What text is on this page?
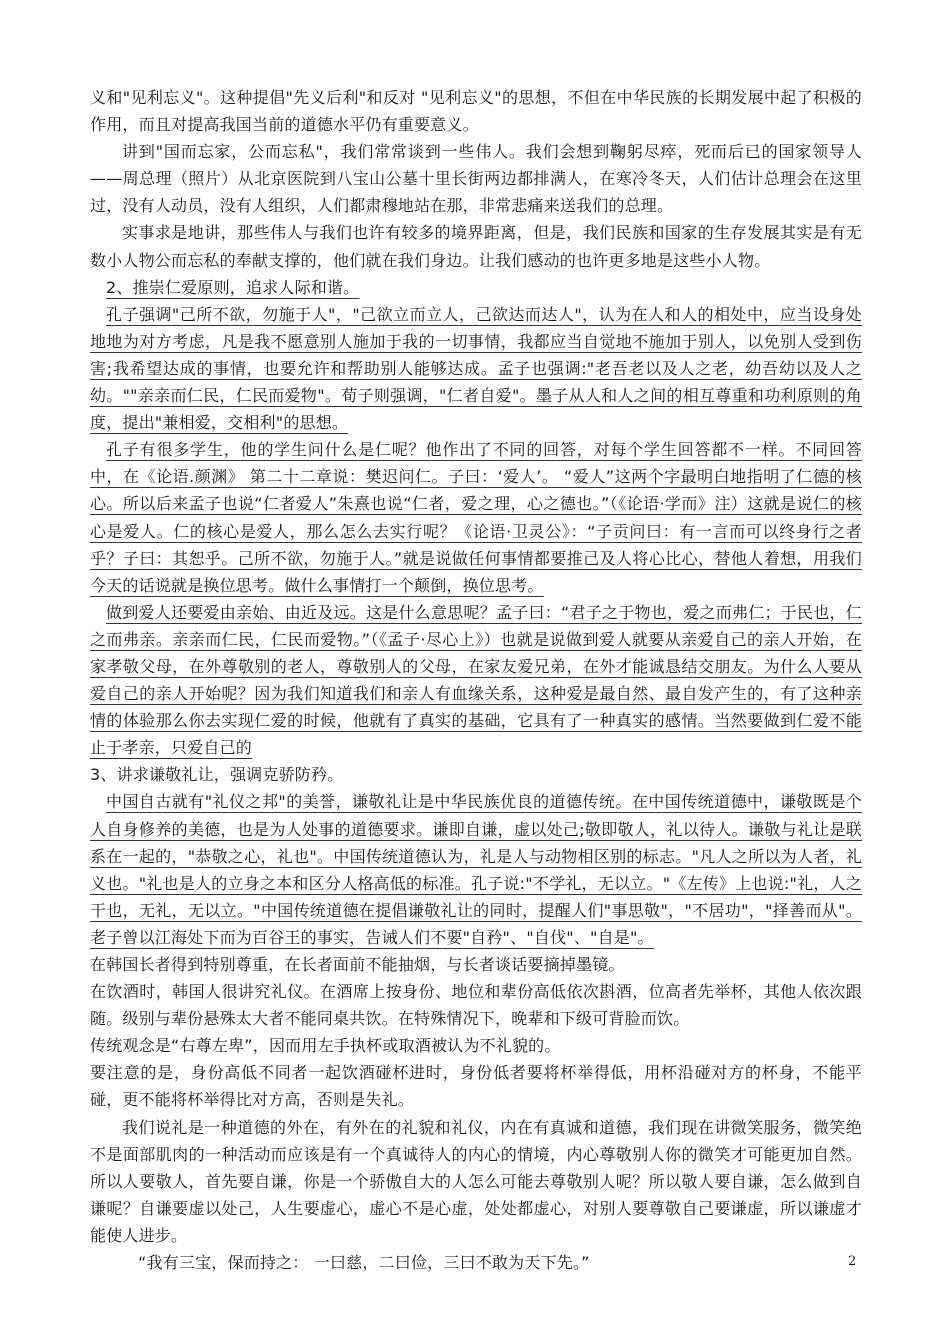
义和"见利忘义"。这种提倡"先义后利"和反对 "见利忘义"的思想，不但在中华民族的长期发展中起了积极的作用，而且对提高我国当前的道德水平仍有重要意义。

讲到"国而忘家，公而忘私"，我们常常谈到一些伟人。我们会想到鞠躬尽瘁，死而后已的国家领导人——周总理（照片）从北京医院到八宝山公墓十里长街两边都排满人，在寒冷冬天，人们估计总理会在这里过，没有人动员，没有人组织，人们都肃穆地站在那，非常悲痛来送我们的总理。

实事求是地讲，那些伟人与我们也许有较多的境界距离，但是，我们民族和国家的生存发展其实是有无数小人物公而忘私的奉献支撑的，他们就在我们身边。让我们感动的也许更多地是这些小人物。

2、推崇仁爱原则，追求人际和谐。

孔子强调"己所不欲，勿施于人"，"己欲立而立人，己欲达而达人"，认为在人和人的相处中，应当设身处地地为对方考虑，凡是我不愿意别人施加于我的一切事情，我都应当自觉地不施加于别人，以免别人受到伤害;我希望达成的事情，也要允许和帮助别人能够达成。孟子也强调:"老吾老以及人之老，幼吾幼以及人之幼。""亲亲而仁民，仁民而爱物"。荀子则强调，"仁者自爱"。墨子从人和人之间的相互尊重和功利原则的角度，提出"兼相爱，交相利"的思想。

孔子有很多学生，他的学生问什么是仁呢？他作出了不同的回答，对每个学生回答都不一样。不同回答中，在《论语.颜渊》 第二十二章说：樊迟问仁。子曰：‘爱人’。 “爱人”这两个字最明白地指明了仁德的核心。所以后来孟子也说“仁者爱人”朱熹也说“仁者，爱之理，心之德也。”（《论语·学而》注）这就是说仁的核心是爱人。仁的核心是爱人，那么怎么去实行呢？《论语·卫灵公》：“子贡问曰：有一言而可以终身行之者乎？子曰：其恕乎。己所不欲，勿施于人。”就是说做任何事情都要推己及人将心比心，替他人着想，用我们今天的话说就是换位思考。做什么事情打一个颠倒，换位思考。

做到爱人还要爱由亲始、由近及远。这是什么意思呢？孟子曰：“君子之于物也，爱之而弗仁；于民也，仁之而弗亲。亲亲而仁民，仁民而爱物。”（《孟子·尽心上》）也就是说做到爱人就要从亲爱自己的亲人开始，在家孝敬父母，在外尊敬别的老人，尊敬别人的父母，在家友爱兄弟，在外才能诚恳结交朋友。为什么人要从爱自己的亲人开始呢？因为我们知道我们和亲人有血缘关系，这种爱是最自然、最自发产生的，有了这种亲情的体验那么你去实现仁爱的时候，他就有了真实的基础，它具有了一种真实的感情。当然要做到仁爱不能止于孝亲，只爱自己的

3、讲求谦敬礼让，强调克骄防矜。

中国自古就有"礼仪之邦"的美誉，谦敬礼让是中华民族优良的道德传统。在中国传统道德中，谦敬既是个人自身修养的美德，也是为人处事的道德要求。谦即自谦，虚以处己;敬即敬人，礼以待人。谦敬与礼让是联系在一起的，"恭敬之心，礼也"。中国传统道德认为，礼是人与动物相区别的标志。"凡人之所以为人者，礼义也。"礼也是人的立身之本和区分人格高低的标准。孔子说:"不学礼，无以立。"《左传》上也说:"礼，人之干也，无礼，无以立。"中国传统道德在提倡谦敬礼让的同时，提醒人们"事思敬"，"不居功"，"择善而从"。老子曾以江海处下而为百谷王的事实，告诫人们不要"自矜"、"自伐"、"自是"。

在韩国长者得到特别尊重，在长者面前不能抽烟，与长者谈话要摘掉墨镜。

在饮酒时，韩国人很讲究礼仪。在酒席上按身份、地位和辈份高低依次斟酒，位高者先举杯，其他人依次跟随。级别与辈份悬殊太大者不能同桌共饮。在特殊情况下，晚辈和下级可背脸而饮。

传统观念是“右尊左卑”，因而用左手执杯或取酒被认为不礼貌的。

要注意的是，身份高低不同者一起饮酒碰杯进时，身份低者要将杯举得低，用杯沿碰对方的杯身，不能平碰，更不能将杯举得比对方高，否则是失礼。

我们说礼是一种道德的外在，有外在的礼貌和礼仪，内在有真诚和道德，我们现在讲微笑服务，微笑绝不是面部肌肉的一种活动而应该是有一个真诚待人的内心的情境，内心尊敬别人你的微笑才可能更加自然。所以人要敬人，首先要自谦，你是一个骄傲自大的人怎么可能去尊敬别人呢？所以敬人要自谦，怎么做到自谦呢？自谦要虚以处己，人生要虚心，虚心不是心虚，处处都虚心，对别人要尊敬自己要谦虚，所以谦虚才能使人进步。

“我有三宝，保而持之： 一曰慈，二曰俭，三曰不敢为天下先。”	2
